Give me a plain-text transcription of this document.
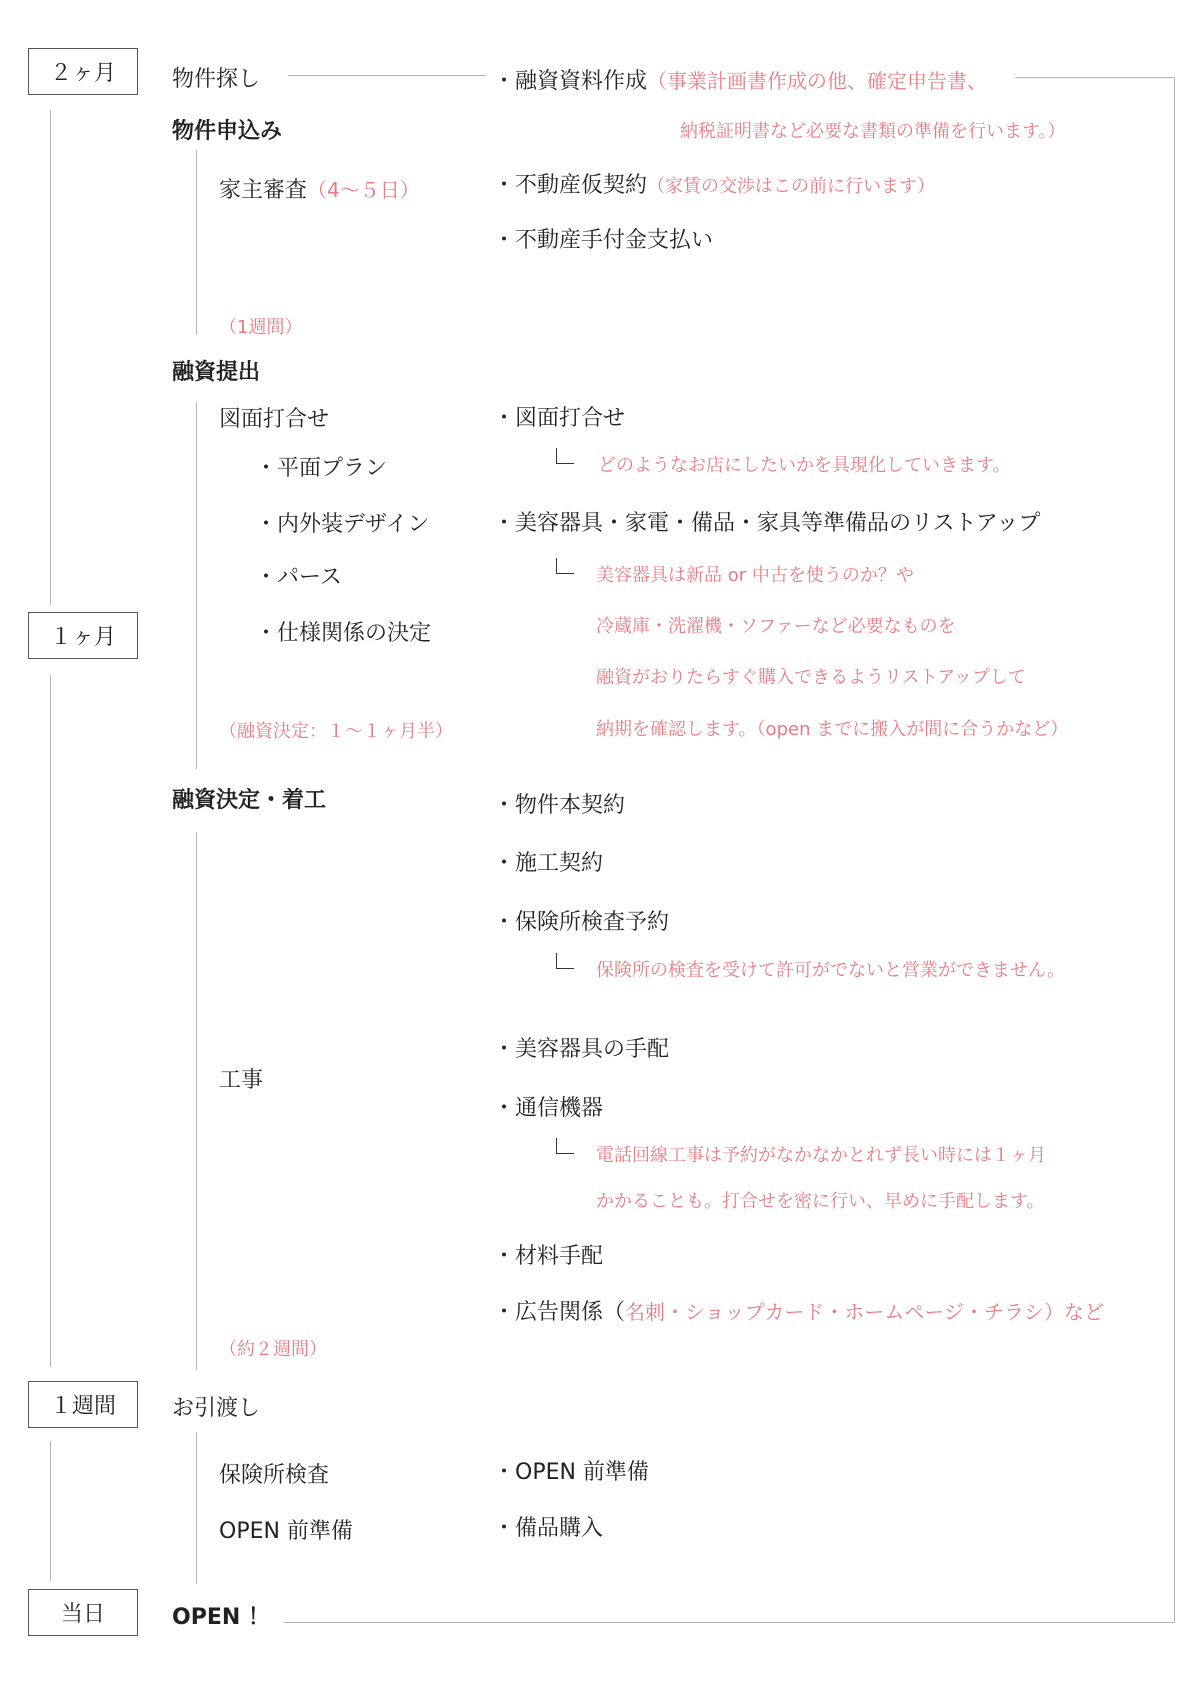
２ヶ月
１ヶ月
１週間
当日
物件探し
物件申込み
家主審査（4～５日）
（1週間）
融資提出
図面打合せ
・平面プラン
・内外装デザイン
・パース
・仕様関係の決定
（融資決定：１～１ヶ月半）
融資決定・着工
工事
（約２週間）
お引渡し
保険所検査
OPEN 前準備
OPEN ！
・融資資料作成（事業計画書作成の他、確定申告書、
納税証明書など必要な書類の準備を行います。）
・不動産仮契約（家賃の交渉はこの前に行います）
・不動産手付金支払い
・図面打合せ
どのようなお店にしたいかを具現化していきます。
・美容器具・家電・備品・家具等準備品のリストアップ
美容器具は新品 or 中古を使うのか？や
冷蔵庫・洗濯機・ソファーなど必要なものを
融資がおりたらすぐ購入できるようリストアップして
納期を確認します。（open までに搬入が間に合うかなど）
・物件本契約
・施工契約
・保険所検査予約
保険所の検査を受けて許可がでないと営業ができません。
・美容器具の手配
・通信機器
電話回線工事は予約がなかなかとれず長い時には１ヶ月
かかることも。打合せを密に行い、早めに手配します。
・材料手配
・広告関係（名刺・ショップカード・ホームページ・チラシ）など
・OPEN 前準備
・備品購入
